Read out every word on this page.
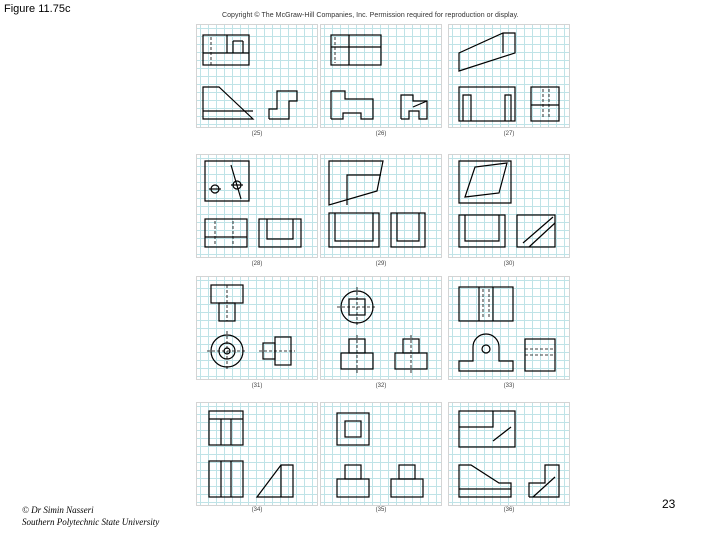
Figure 11.75c
Copyright © The McGraw-Hill Companies, Inc. Permission required for reproduction or display.
(25)	(26)	(27)
(28)	(29)	(30)
(31)	(32)	(33)
(34)	(35)	(36)
© Dr Simin Nasseri
Southern Polytechnic State University
23
